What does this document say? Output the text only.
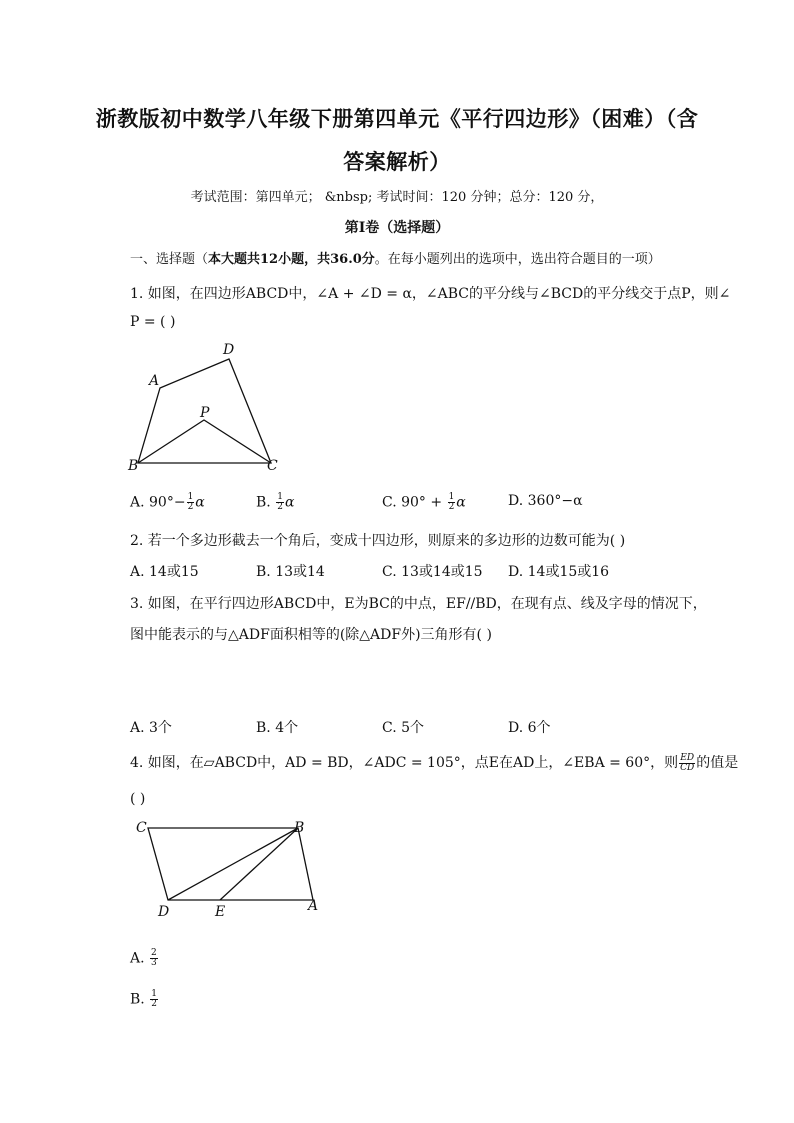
浙教版初中数学八年级下册第四单元《平行四边形》（困难）（含
答案解析）
考试范围：第四单元； &nbsp; 考试时间：120 分钟；总分：120 分，
第I卷（选择题）
一、选择题（本大题共12小题，共36.0分。在每小题列出的选项中，选出符合题目的一项）
1. 如图，在四边形ABCD中，∠A + ∠D = α，∠ABC的平分线与∠BCD的平分线交于点P，则∠
P = ( )
A
D
P
B	C
A. $90^\circ- \frac{1}{2}$ α	B. $\frac{1}{2}$ α	C. $90^\circ + \frac{1}{2}$ α	D. 360°−α
2. 若一个多边形截去一个角后，变成十四边形，则原来的多边形的边数可能为( )
A. 14或15	B. 13或14	C. 13或14或15 D. 14或15或16
3. 如图，在平行四边形ABCD中，E为BC的中点，EF//BD，在现有点、线及字母的情况下，
图中能表示的与△ADF面积相等的(除△ADF外)三角形有( )
A. 3个	B. 4个	C. 5个	D. 6个
4. 如图，在▱ABCD中，AD = BD，∠ADC = 105°，点E在AD上，∠EBA = 60°，则 $\frac{ED}{CD}$ 的值是
( )
C	B
D	E	A
A. $\frac{2}{3}$
B. $\frac{1}{2}$
